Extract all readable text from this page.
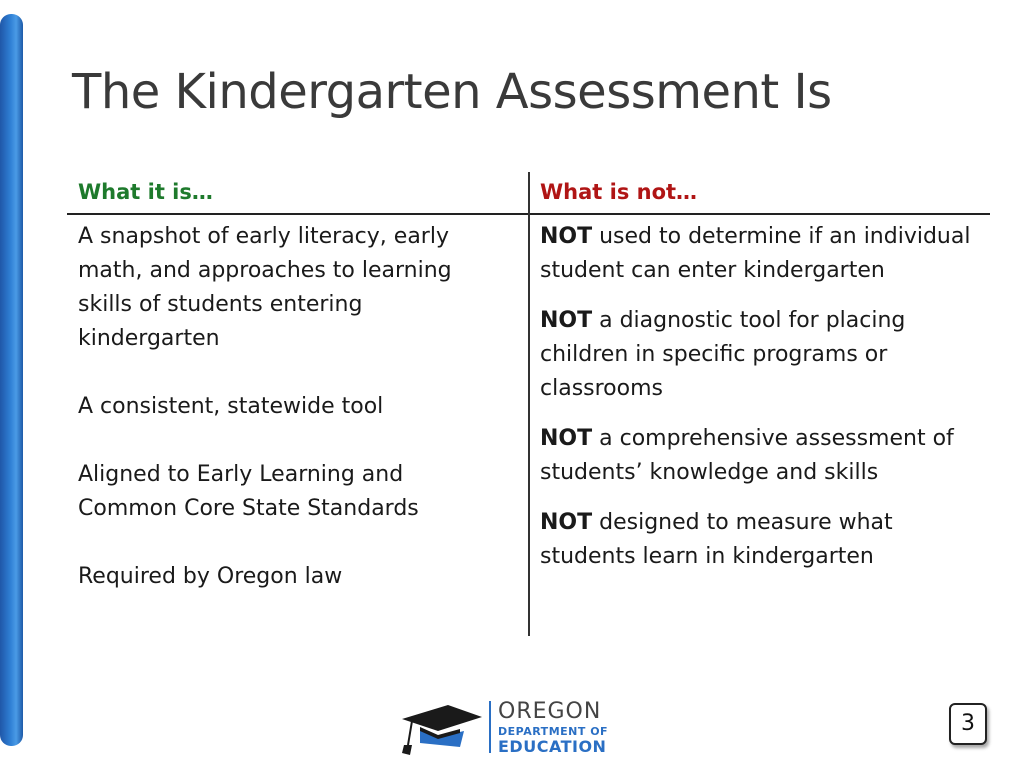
The Kindergarten Assessment Is
What it is…

A snapshot of early literacy, early math, and approaches to learning skills of students entering kindergarten

A consistent, statewide tool

Aligned to Early Learning and Common Core State Standards

Required by Oregon law

What is not…

NOT used to determine if an individual student can enter kindergarten

NOT a diagnostic tool for placing children in specific programs or classrooms

NOT a comprehensive assessment of students’ knowledge and skills

NOT designed to measure what students learn in kindergarten

OREGON
DEPARTMENT OF
EDUCATION
3
